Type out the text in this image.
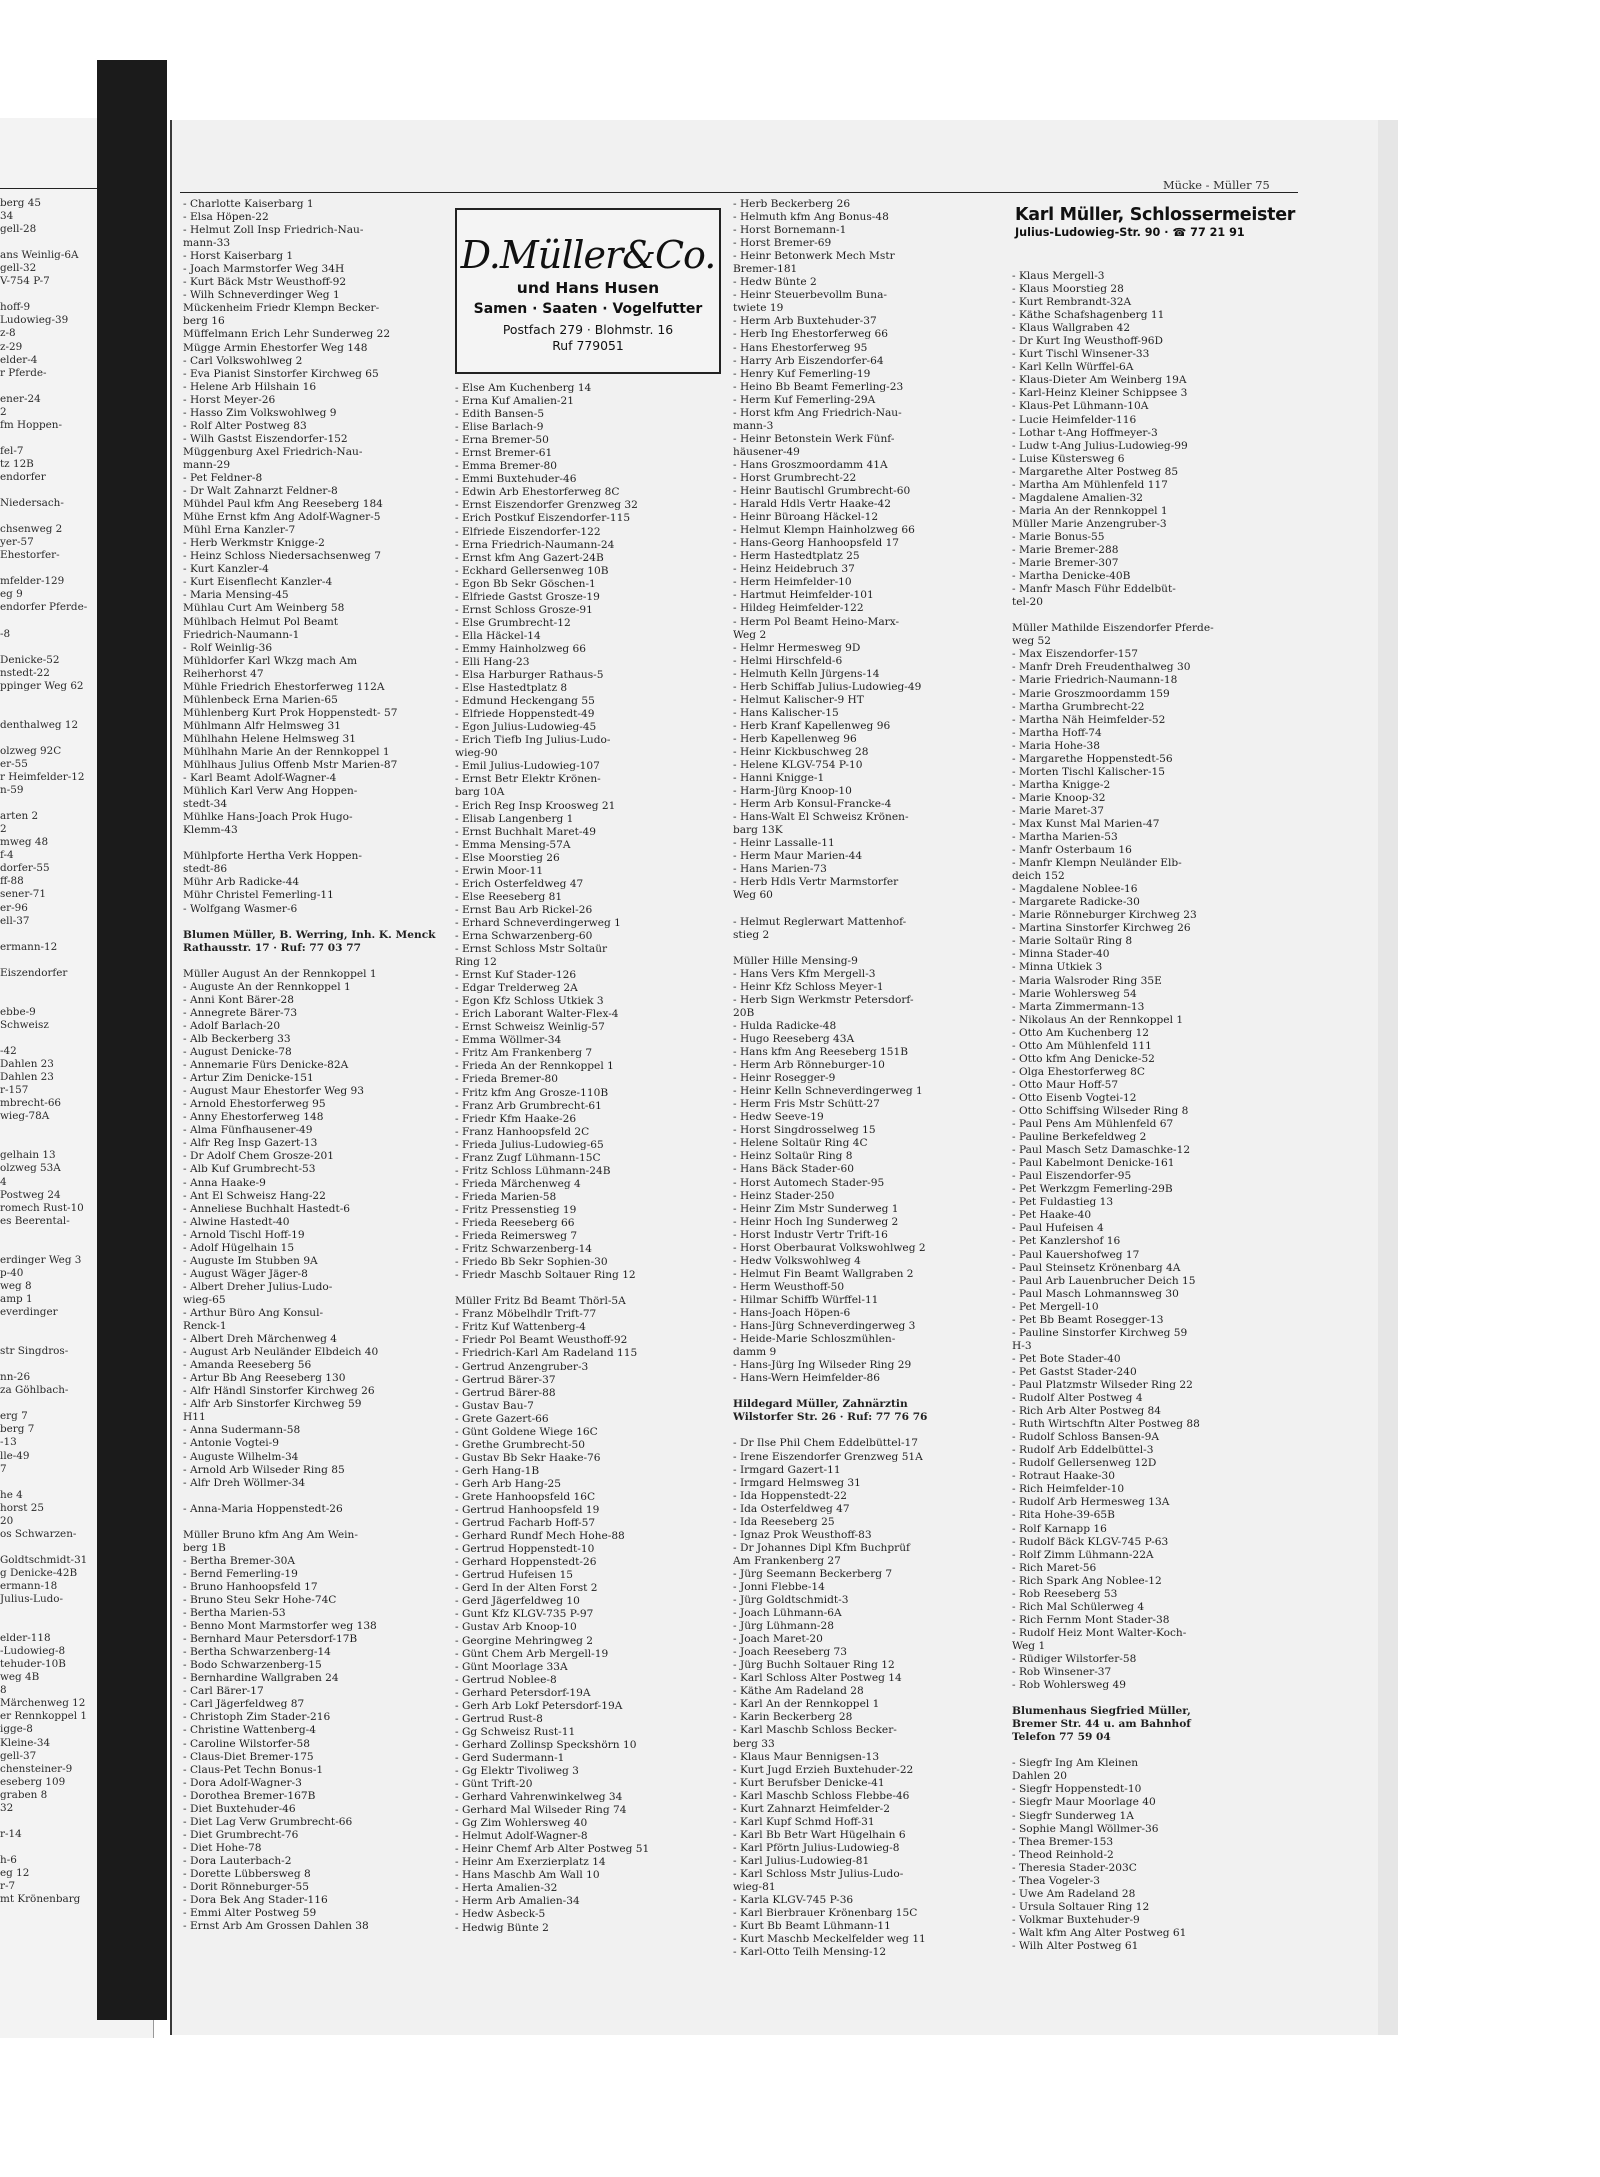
berg 45
34
gell-28

ans Weinlig-6A
gell-32
V-754 P-7

hoff-9
Ludowieg-39
z-8
z-29
elder-4
r Pferde-

ener-24
2
fm Hoppen-

fel-7
tz 12B
endorfer

Niedersach-

chsenweg 2
yer-57
Ehestorfer-

mfelder-129
eg 9
endorfer Pferde-

-8

Denicke-52
nstedt-22
ppinger Weg 62

denthalweg 12

olzweg 92C
er-55
r Heimfelder-12
n-59

arten 2
2
mweg 48
f-4
dorfer-55
ff-88
sener-71
er-96
ell-37

ermann-12

Eiszendorfer

ebbe-9
Schweisz

-42
Dahlen 23
Dahlen 23
r-157
mbrecht-66
wieg-78A

gelhain 13
olzweg 53A
4
Postweg 24
romech Rust-10
es Beerental-

erdinger Weg 3
p-40
weg 8
amp 1
everdinger

str Singdros-

nn-26
za Göhlbach-

erg 7
berg 7
-13
lle-49
7

he 4
horst 25
20
os Schwarzen-

Goldtschmidt-31
g Denicke-42B
ermann-18
Julius-Ludo-

elder-118
-Ludowieg-8
tehuder-10B
weg 4B
8
Märchenweg 12
er Rennkoppel 1
igge-8
Kleine-34
gell-37
chensteiner-9
eseberg 109
graben 8
32

r-14

h-6
eg 12
r-7
mt Krönenbarg
Mücke - Müller 75
- Charlotte Kaiserbarg 1
- Elsa Höpen-22
- Helmut Zoll Insp Friedrich-Nau-
mann-33
- Horst Kaiserbarg 1
- Joach Marmstorfer Weg 34H
- Kurt Bäck Mstr Weusthoff-92
- Wilh Schneverdinger Weg 1
Mückenheim Friedr Klempn Becker-
berg 16
Müffelmann Erich Lehr Sunderweg 22
Mügge Armin Ehestorfer Weg 148
- Carl Volkswohlweg 2
- Eva Pianist Sinstorfer Kirchweg 65
- Helene Arb Hilshain 16
- Horst Meyer-26
- Hasso Zim Volkswohlweg 9
- Rolf Alter Postweg 83
- Wilh Gastst Eiszendorfer-152
Müggenburg Axel Friedrich-Nau-
mann-29
- Pet Feldner-8
- Dr Walt Zahnarzt Feldner-8
Mühdel Paul kfm Ang Reeseberg 184
Mühe Ernst kfm Ang Adolf-Wagner-5
Mühl Erna Kanzler-7
- Herb Werkmstr Knigge-2
- Heinz Schloss Niedersachsenweg 7
- Kurt Kanzler-4
- Kurt Eisenflecht Kanzler-4
- Maria Mensing-45
Mühlau Curt Am Weinberg 58
Mühlbach Helmut Pol Beamt
Friedrich-Naumann-1
- Rolf Weinlig-36
Mühldorfer Karl Wkzg mach Am
Reiherhorst 47
Mühle Friedrich Ehestorferweg 112A
Mühlenbeck Erna Marien-65
Mühlenberg Kurt Prok Hoppenstedt- 57
Mühlmann Alfr Helmsweg 31
Mühlhahn Helene Helmsweg 31
Mühlhahn Marie An der Rennkoppel 1
Mühlhaus Julius Offenb Mstr Marien-87
- Karl Beamt Adolf-Wagner-4
Mühlich Karl Verw Ang Hoppen-
stedt-34
Mühlke Hans-Joach Prok Hugo-
Klemm-43

Mühlpforte Hertha Verk Hoppen-
stedt-86
Mühr Arb Radicke-44
Mühr Christel Femerling-11
- Wolfgang Wasmer-6

Blumen Müller, B. Werring, Inh. K. Menck
Rathausstr. 17 · Ruf: 77 03 77

Müller August An der Rennkoppel 1
- Auguste An der Rennkoppel 1
- Anni Kont Bärer-28
- Annegrete Bärer-73
- Adolf Barlach-20
- Alb Beckerberg 33
- August Denicke-78
- Annemarie Fürs Denicke-82A
- Artur Zim Denicke-151
- August Maur Ehestorfer Weg 93
- Arnold Ehestorferweg 95
- Anny Ehestorferweg 148
- Alma Fünfhausener-49
- Alfr Reg Insp Gazert-13
- Dr Adolf Chem Grosze-201
- Alb Kuf Grumbrecht-53
- Anna Haake-9
- Ant El Schweisz Hang-22
- Anneliese Buchhalt Hastedt-6
- Alwine Hastedt-40
- Arnold Tischl Hoff-19
- Adolf Hügelhain 15
- Auguste Im Stubben 9A
- August Wäger Jäger-8
- Albert Dreher Julius-Ludo-
wieg-65
- Arthur Büro Ang Konsul-
Renck-1
- Albert Dreh Märchenweg 4
- August Arb Neuländer Elbdeich 40
- Amanda Reeseberg 56
- Artur Bb Ang Reeseberg 130
- Alfr Händl Sinstorfer Kirchweg 26
- Alfr Arb Sinstorfer Kirchweg 59
H11
- Anna Sudermann-58
- Antonie Vogtei-9
- Auguste Wilhelm-34
- Arnold Arb Wilseder Ring 85
- Alfr Dreh Wöllmer-34

- Anna-Maria Hoppenstedt-26

Müller Bruno kfm Ang Am Wein-
berg 1B
- Bertha Bremer-30A
- Bernd Femerling-19
- Bruno Hanhoopsfeld 17
- Bruno Steu Sekr Hohe-74C
- Bertha Marien-53
- Benno Mont Marmstorfer weg 138
- Bernhard Maur Petersdorf-17B
- Bertha Schwarzenberg-14
- Bodo Schwarzenberg-15
- Bernhardine Wallgraben 24
- Carl Bärer-17
- Carl Jägerfeldweg 87
- Christoph Zim Stader-216
- Christine Wattenberg-4
- Caroline Wilstorfer-58
- Claus-Diet Bremer-175
- Claus-Pet Techn Bonus-1
- Dora Adolf-Wagner-3
- Dorothea Bremer-167B
- Diet Buxtehuder-46
- Diet Lag Verw Grumbrecht-66
- Diet Grumbrecht-76
- Diet Hohe-78
- Dora Lauterbach-2
- Dorette Lübbersweg 8
- Dorit Rönneburger-55
- Dora Bek Ang Stader-116
- Emmi Alter Postweg 59
- Ernst Arb Am Grossen Dahlen 38
D.Müller&Co.
und Hans Husen
Samen · Saaten · Vogelfutter
Postfach 279 · Blohmstr. 16
Ruf 779051
- Else Am Kuchenberg 14
- Erna Kuf Amalien-21
- Edith Bansen-5
- Elise Barlach-9
- Erna Bremer-50
- Ernst Bremer-61
- Emma Bremer-80
- Emmi Buxtehuder-46
- Edwin Arb Ehestorferweg 8C
- Ernst Eiszendorfer Grenzweg 32
- Erich Postkuf Eiszendorfer-115
- Elfriede Eiszendorfer-122
- Erna Friedrich-Naumann-24
- Ernst kfm Ang Gazert-24B
- Eckhard Gellersenweg 10B
- Egon Bb Sekr Göschen-1
- Elfriede Gastst Grosze-19
- Ernst Schloss Grosze-91
- Else Grumbrecht-12
- Ella Häckel-14
- Emmy Hainholzweg 66
- Elli Hang-23
- Elsa Harburger Rathaus-5
- Else Hastedtplatz 8
- Edmund Heckengang 55
- Elfriede Hoppenstedt-49
- Egon Julius-Ludowieg-45
- Erich Tiefb Ing Julius-Ludo-
wieg-90
- Emil Julius-Ludowieg-107
- Ernst Betr Elektr Krönen-
barg 10A
- Erich Reg Insp Kroosweg 21
- Elisab Langenberg 1
- Ernst Buchhalt Maret-49
- Emma Mensing-57A
- Else Moorstieg 26
- Erwin Moor-11
- Erich Osterfeldweg 47
- Else Reeseberg 81
- Ernst Bau Arb Rickel-26
- Erhard Schneverdingerweg 1
- Erna Schwarzenberg-60
- Ernst Schloss Mstr Soltaür
Ring 12
- Ernst Kuf Stader-126
- Edgar Trelderweg 2A
- Egon Kfz Schloss Utkiek 3
- Erich Laborant Walter-Flex-4
- Ernst Schweisz Weinlig-57
- Emma Wöllmer-34
- Fritz Am Frankenberg 7
- Frieda An der Rennkoppel 1
- Frieda Bremer-80
- Fritz kfm Ang Grosze-110B
- Franz Arb Grumbrecht-61
- Friedr Kfm Haake-26
- Franz Hanhoopsfeld 2C
- Frieda Julius-Ludowieg-65
- Franz Zugf Lühmann-15C
- Fritz Schloss Lühmann-24B
- Frieda Märchenweg 4
- Frieda Marien-58
- Fritz Pressenstieg 19
- Frieda Reeseberg 66
- Frieda Reimersweg 7
- Fritz Schwarzenberg-14
- Friedo Bb Sekr Sophien-30
- Friedr Maschb Soltauer Ring 12

Müller Fritz Bd Beamt Thörl-5A
- Franz Möbelhdlr Trift-77
- Fritz Kuf Wattenberg-4
- Friedr Pol Beamt Weusthoff-92
- Friedrich-Karl Am Radeland 115
- Gertrud Anzengruber-3
- Gertrud Bärer-37
- Gertrud Bärer-88
- Gustav Bau-7
- Grete Gazert-66
- Günt Goldene Wiege 16C
- Grethe Grumbrecht-50
- Gustav Bb Sekr Haake-76
- Gerh Hang-1B
- Gerh Arb Hang-25
- Grete Hanhoopsfeld 16C
- Gertrud Hanhoopsfeld 19
- Gertrud Facharb Hoff-57
- Gerhard Rundf Mech Hohe-88
- Gertrud Hoppenstedt-10
- Gerhard Hoppenstedt-26
- Gertrud Hufeisen 15
- Gerd In der Alten Forst 2
- Gerd Jägerfeldweg 10
- Gunt Kfz KLGV-735 P-97
- Gustav Arb Knoop-10
- Georgine Mehringweg 2
- Günt Chem Arb Mergell-19
- Günt Moorlage 33A
- Gertrud Noblee-8
- Gerhard Petersdorf-19A
- Gerh Arb Lokf Petersdorf-19A
- Gertrud Rust-8
- Gg Schweisz Rust-11
- Gerhard Zollinsp Speckshörn 10
- Gerd Sudermann-1
- Gg Elektr Tivoliweg 3
- Günt Trift-20
- Gerhard Vahrenwinkelweg 34
- Gerhard Mal Wilseder Ring 74
- Gg Zim Wohlersweg 40
- Helmut Adolf-Wagner-8
- Heinr Chemf Arb Alter Postweg 51
- Heinr Am Exerzierplatz 14
- Hans Maschb Am Wall 10
- Herta Amalien-32
- Herm Arb Amalien-34
- Hedw Asbeck-5
- Hedwig Bünte 2
- Herb Beckerberg 26
- Helmuth kfm Ang Bonus-48
- Horst Bornemann-1
- Horst Bremer-69
- Heinr Betonwerk Mech Mstr
Bremer-181
- Hedw Bünte 2
- Heinr Steuerbevollm Buna-
twiete 19
- Herm Arb Buxtehuder-37
- Herb Ing Ehestorferweg 66
- Hans Ehestorferweg 95
- Harry Arb Eiszendorfer-64
- Henry Kuf Femerling-19
- Heino Bb Beamt Femerling-23
- Herm Kuf Femerling-29A
- Horst kfm Ang Friedrich-Nau-
mann-3
- Heinr Betonstein Werk Fünf-
häusener-49
- Hans Groszmoordamm 41A
- Horst Grumbrecht-22
- Heinr Bautischl Grumbrecht-60
- Harald Hdls Vertr Haake-42
- Heinr Büroang Häckel-12
- Helmut Klempn Hainholzweg 66
- Hans-Georg Hanhoopsfeld 17
- Herm Hastedtplatz 25
- Heinz Heidebruch 37
- Herm Heimfelder-10
- Hartmut Heimfelder-101
- Hildeg Heimfelder-122
- Herm Pol Beamt Heino-Marx-
Weg 2
- Helmr Hermesweg 9D
- Helmi Hirschfeld-6
- Helmuth Kelln Jürgens-14
- Herb Schiffab Julius-Ludowieg-49
- Helmut Kalischer-9 HT
- Hans Kalischer-15
- Herb Kranf Kapellenweg 96
- Herb Kapellenweg 96
- Heinr Kickbuschweg 28
- Helene KLGV-754 P-10
- Hanni Knigge-1
- Harm-Jürg Knoop-10
- Herm Arb Konsul-Francke-4
- Hans-Walt El Schweisz Krönen-
barg 13K
- Heinr Lassalle-11
- Herm Maur Marien-44
- Hans Marien-73
- Herb Hdls Vertr Marmstorfer
Weg 60

- Helmut Reglerwart Mattenhof-
stieg 2

Müller Hille Mensing-9
- Hans Vers Kfm Mergell-3
- Heinr Kfz Schloss Meyer-1
- Herb Sign Werkmstr Petersdorf-
20B
- Hulda Radicke-48
- Hugo Reeseberg 43A
- Hans kfm Ang Reeseberg 151B
- Herm Arb Rönneburger-10
- Heinr Rosegger-9
- Heinr Kelln Schneverdingerweg 1
- Herm Fris Mstr Schütt-27
- Hedw Seeve-19
- Horst Singdrosselweg 15
- Helene Soltaür Ring 4C
- Heinz Soltaür Ring 8
- Hans Bäck Stader-60
- Horst Automech Stader-95
- Heinz Stader-250
- Heinr Zim Mstr Sunderweg 1
- Heinr Hoch Ing Sunderweg 2
- Horst Industr Vertr Trift-16
- Horst Oberbaurat Volkswohlweg 2
- Hedw Volkswohlweg 4
- Helmut Fin Beamt Wallgraben 2
- Herm Weusthoff-50
- Hilmar Schiffb Würffel-11
- Hans-Joach Höpen-6
- Hans-Jürg Schneverdingerweg 3
- Heide-Marie Schloszmühlen-
damm 9
- Hans-Jürg Ing Wilseder Ring 29
- Hans-Wern Heimfelder-86

Hildegard Müller, Zahnärztin
Wilstorfer Str. 26 · Ruf: 77 76 76

- Dr Ilse Phil Chem Eddelbüttel-17
- Irene Eiszendorfer Grenzweg 51A
- Irmgard Gazert-11
- Irmgard Helmsweg 31
- Ida Hoppenstedt-22
- Ida Osterfeldweg 47
- Ida Reeseberg 25
- Ignaz Prok Weusthoff-83
- Dr Johannes Dipl Kfm Buchprüf
Am Frankenberg 27
- Jürg Seemann Beckerberg 7
- Jonni Flebbe-14
- Jürg Goldtschmidt-3
- Joach Lühmann-6A
- Jürg Lühmann-28
- Joach Maret-20
- Joach Reeseberg 73
- Jürg Buchh Soltauer Ring 12
- Karl Schloss Alter Postweg 14
- Käthe Am Radeland 28
- Karl An der Rennkoppel 1
- Karin Beckerberg 28
- Karl Maschb Schloss Becker-
berg 33
- Klaus Maur Bennigsen-13
- Kurt Jugd Erzieh Buxtehuder-22
- Kurt Berufsber Denicke-41
- Karl Maschb Schloss Flebbe-46
- Kurt Zahnarzt Heimfelder-2
- Karl Kupf Schmd Hoff-31
- Karl Bb Betr Wart Hügelhain 6
- Karl Pförtn Julius-Ludowieg-8
- Karl Julius-Ludowieg-81
- Karl Schloss Mstr Julius-Ludo-
wieg-81
- Karla KLGV-745 P-36
- Karl Bierbrauer Krönenbarg 15C
- Kurt Bb Beamt Lühmann-11
- Kurt Maschb Meckelfelder weg 11
- Karl-Otto Teilh Mensing-12
Karl Müller, Schlossermeister
Julius-Ludowieg-Str. 90 · ☎ 77 21 91
- Klaus Mergell-3
- Klaus Moorstieg 28
- Kurt Rembrandt-32A
- Käthe Schafshagenberg 11
- Klaus Wallgraben 42
- Dr Kurt Ing Weusthoff-96D
- Kurt Tischl Winsener-33
- Karl Kelln Würffel-6A
- Klaus-Dieter Am Weinberg 19A
- Karl-Heinz Kleiner Schippsee 3
- Klaus-Pet Lühmann-10A
- Lucie Heimfelder-116
- Lothar t-Ang Hoffmeyer-3
- Ludw t-Ang Julius-Ludowieg-99
- Luise Küstersweg 6
- Margarethe Alter Postweg 85
- Martha Am Mühlenfeld 117
- Magdalene Amalien-32
- Maria An der Rennkoppel 1
Müller Marie Anzengruber-3
- Marie Bonus-55
- Marie Bremer-288
- Marie Bremer-307
- Martha Denicke-40B
- Manfr Masch Führ Eddelbüt-
tel-20

Müller Mathilde Eiszendorfer Pferde-
weg 52
- Max Eiszendorfer-157
- Manfr Dreh Freudenthalweg 30
- Marie Friedrich-Naumann-18
- Marie Groszmoordamm 159
- Martha Grumbrecht-22
- Martha Näh Heimfelder-52
- Martha Hoff-74
- Maria Hohe-38
- Margarethe Hoppenstedt-56
- Morten Tischl Kalischer-15
- Martha Knigge-2
- Marie Knoop-32
- Marie Maret-37
- Max Kunst Mal Marien-47
- Martha Marien-53
- Manfr Osterbaum 16
- Manfr Klempn Neuländer Elb-
deich 152
- Magdalene Noblee-16
- Margarete Radicke-30
- Marie Rönneburger Kirchweg 23
- Martina Sinstorfer Kirchweg 26
- Marie Soltaür Ring 8
- Minna Stader-40
- Minna Utkiek 3
- Maria Walsroder Ring 35E
- Marie Wohlersweg 54
- Marta Zimmermann-13
- Nikolaus An der Rennkoppel 1
- Otto Am Kuchenberg 12
- Otto Am Mühlenfeld 111
- Otto kfm Ang Denicke-52
- Olga Ehestorferweg 8C
- Otto Maur Hoff-57
- Otto Eisenb Vogtei-12
- Otto Schiffsing Wilseder Ring 8
- Paul Pens Am Mühlenfeld 67
- Pauline Berkefeldweg 2
- Paul Masch Setz Damaschke-12
- Paul Kabelmont Denicke-161
- Paul Eiszendorfer-95
- Pet Werkzgm Femerling-29B
- Pet Fuldastieg 13
- Pet Haake-40
- Paul Hufeisen 4
- Pet Kanzlershof 16
- Paul Kauershofweg 17
- Paul Steinsetz Krönenbarg 4A
- Paul Arb Lauenbrucher Deich 15
- Paul Masch Lohmannsweg 30
- Pet Mergell-10
- Pet Bb Beamt Rosegger-13
- Pauline Sinstorfer Kirchweg 59
H-3
- Pet Bote Stader-40
- Pet Gastst Stader-240
- Paul Platzmstr Wilseder Ring 22
- Rudolf Alter Postweg 4
- Rich Arb Alter Postweg 84
- Ruth Wirtschftn Alter Postweg 88
- Rudolf Schloss Bansen-9A
- Rudolf Arb Eddelbüttel-3
- Rudolf Gellersenweg 12D
- Rotraut Haake-30
- Rich Heimfelder-10
- Rudolf Arb Hermesweg 13A
- Rita Hohe-39-65B
- Rolf Karnapp 16
- Rudolf Bäck KLGV-745 P-63
- Rolf Zimm Lühmann-22A
- Rich Maret-56
- Rich Spark Ang Noblee-12
- Rob Reeseberg 53
- Rich Mal Schülerweg 4
- Rich Fernm Mont Stader-38
- Rudolf Heiz Mont Walter-Koch-
Weg 1
- Rüdiger Wilstorfer-58
- Rob Winsener-37
- Rob Wohlersweg 49

Blumenhaus Siegfried Müller,
Bremer Str. 44 u. am Bahnhof
Telefon 77 59 04

- Siegfr Ing Am Kleinen
Dahlen 20
- Siegfr Hoppenstedt-10
- Siegfr Maur Moorlage 40
- Siegfr Sunderweg 1A
- Sophie Mangl Wöllmer-36
- Thea Bremer-153
- Theod Reinhold-2
- Theresia Stader-203C
- Thea Vogeler-3
- Uwe Am Radeland 28
- Ursula Soltauer Ring 12
- Volkmar Buxtehuder-9
- Walt kfm Ang Alter Postweg 61
- Wilh Alter Postweg 61
